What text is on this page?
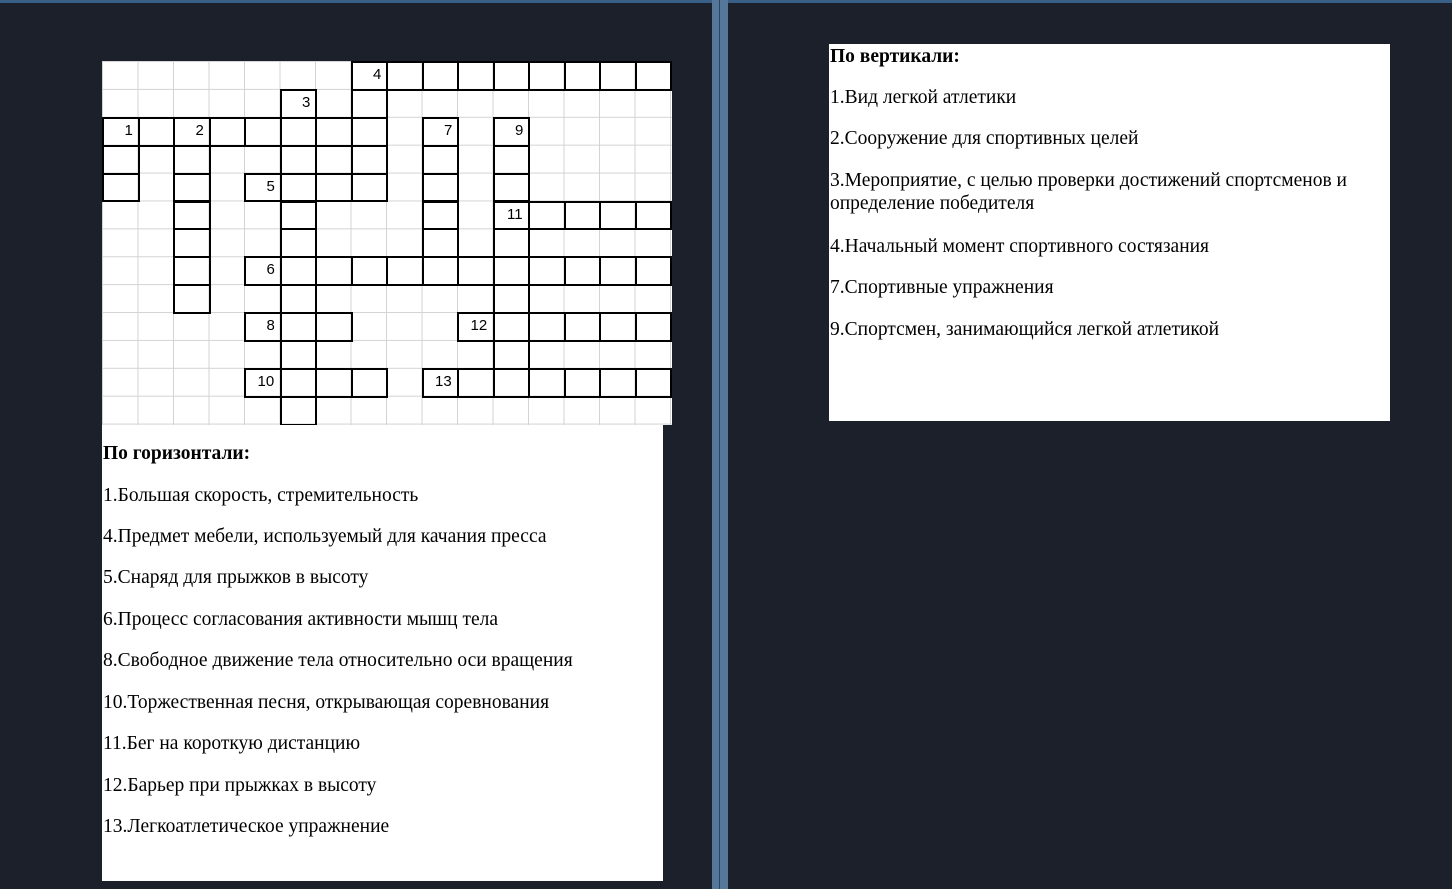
1	2
3
4
5
6
7
8
9
10
11
12
13

По горизонтали:

1.Большая скорость, стремительность

4.Предмет мебели, используемый для качания пресса

5.Снаряд для прыжков в высоту

6.Процесс согласования активности мышц тела

8.Свободное движение тела относительно оси вращения

10.Торжественная песня, открывающая соревнования

11.Бег на короткую дистанцию

12.Барьер при прыжках в высоту

13.Легкоатлетическое упражнение

По вертикали:

1.Вид легкой атлетики

2.Сооружение для спортивных целей

3.Мероприятие, с целью проверки достижений спортсменов и определение победителя

4.Начальный момент спортивного состязания

7.Спортивные упражнения

9.Спортсмен, занимающийся легкой атлетикой
